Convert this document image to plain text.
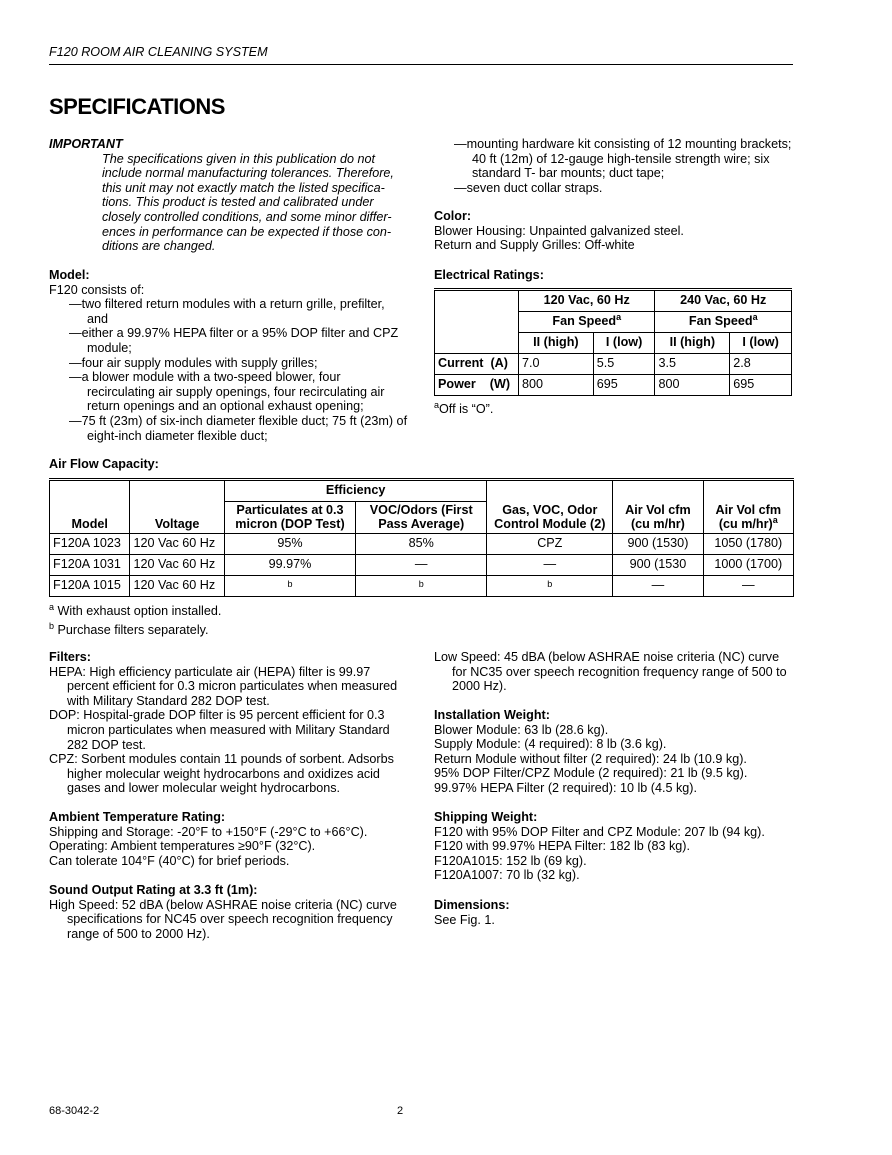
F120 ROOM AIR CLEANING SYSTEM
SPECIFICATIONS

IMPORTANT

The specifications given in this publication do not

include normal manufacturing tolerances. Therefore,

this unit may not exactly match the listed specifica-

tions. This product is tested and calibrated under

closely controlled conditions, and some minor differ-

ences in performance can be expected if those con-

ditions are changed.

Model:

F120 consists of:

—two filtered return modules with a return grille, prefilter, and

—either a 99.97% HEPA filter or a 95% DOP filter and CPZ module;

—four air supply modules with supply grilles;

—a blower module with a two-speed blower, four recirculating air supply openings, four recirculating air return openings and an optional exhaust opening;

—75 ft (23m) of six-inch diameter flexible duct; 75 ft (23m) of eight-inch diameter flexible duct;

—mounting hardware kit consisting of 12 mounting brackets; 40 ft (12m) of 12-gauge high-tensile strength wire; six standard T- bar mounts; duct tape;

—seven duct collar straps.

Color:

Blower Housing: Unpainted galvanized steel.

Return and Supply Grilles: Off-white

Electrical Ratings:

	120 Vac, 60 Hz		240 Vac, 60 Hz	
	Fan Speed$^a$		Fan Speed$^a$
	II (high)	I (low)	II (high)	I (low)
Current (A)	7.0	5.5	3.5	2.8
Power (W)	800	695	800	695

$^a$Off is “O”.

Air Flow Capacity:

Model	Voltage	Efficiency		Gas, VOC, Odor Control Module (2)	Air Vol cfm (cu m/hr)	Air Vol cfm (cu m/hr)$^a$
		Particulates at 0.3 micron (DOP Test)	VOC/Odors (First Pass Average)			
F120A 1023	120 Vac 60 Hz	95%	85%	CPZ	900 (1530)	1050 (1780)
F120A 1031	120 Vac 60 Hz	99.97%	—	—	900 (1530	1000 (1700)
F120A 1015	120 Vac 60 Hz	b	b	b	—	—

$^a$ With exhaust option installed.

$^b$ Purchase filters separately.

Filters:

HEPA: High efficiency particulate air (HEPA) filter is 99.97 percent efficient for 0.3 micron particulates when measured with Military Standard 282 DOP test.

DOP: Hospital-grade DOP filter is 95 percent efficient for 0.3 micron particulates when measured with Military Standard 282 DOP test.

CPZ: Sorbent modules contain 11 pounds of sorbent. Adsorbs higher molecular weight hydrocarbons and oxidizes acid gases and lower molecular weight hydrocarbons.

Ambient Temperature Rating:

Shipping and Storage: -20°F to +150°F (-29°C to +66°C).

Operating: Ambient temperatures ≥90°F (32°C).

Can tolerate 104°F (40°C) for brief periods.

Sound Output Rating at 3.3 ft (1m):

High Speed: 52 dBA (below ASHRAE noise criteria (NC) curve specifications for NC45 over speech recognition frequency range of 500 to 2000 Hz).

Low Speed: 45 dBA (below ASHRAE noise criteria (NC) curve for NC35 over speech recognition frequency range of 500 to 2000 Hz).

Installation Weight:

Blower Module: 63 lb (28.6 kg).

Supply Module: (4 required): 8 lb (3.6 kg).

Return Module without filter (2 required): 24 lb (10.9 kg).

95% DOP Filter/CPZ Module (2 required): 21 lb (9.5 kg).

99.97% HEPA Filter (2 required): 10 lb (4.5 kg).

Shipping Weight:

F120 with 95% DOP Filter and CPZ Module: 207 lb (94 kg).

F120 with 99.97% HEPA Filter: 182 lb (83 kg).

F120A1015: 152 lb (69 kg).

F120A1007: 70 lb (32 kg).

Dimensions:

See Fig. 1.

68-3042-2	2
